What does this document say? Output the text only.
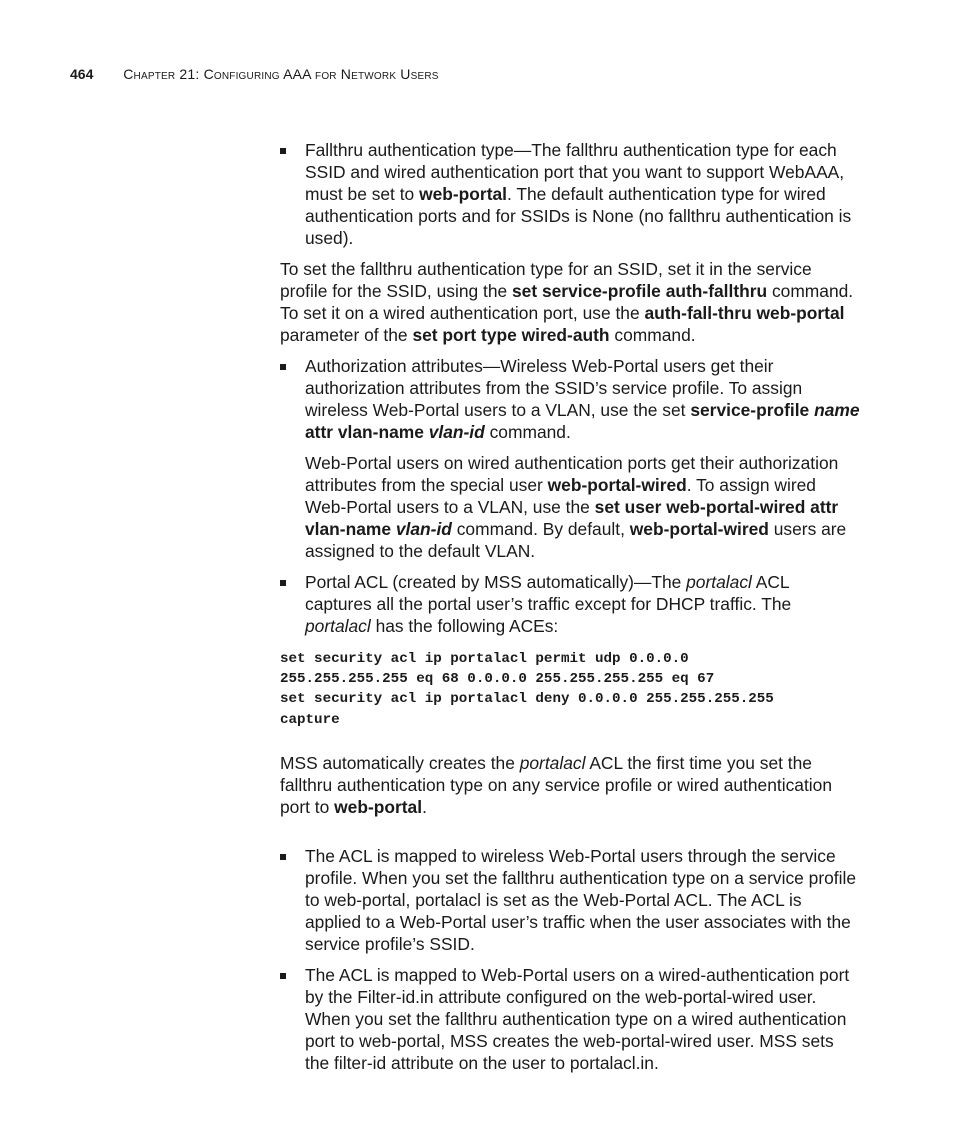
464 Chapter 21: Configuring AAA for Network Users
Fallthru authentication type—The fallthru authentication type for each SSID and wired authentication port that you want to support WebAAA, must be set to web-portal. The default authentication type for wired authentication ports and for SSIDs is None (no fallthru authentication is used).

To set the fallthru authentication type for an SSID, set it in the service profile for the SSID, using the set service-profile auth-fallthru command. To set it on a wired authentication port, use the auth-fall-thru web-portal parameter of the set port type wired-auth command.

Authorization attributes—Wireless Web-Portal users get their authorization attributes from the SSID’s service profile. To assign wireless Web-Portal users to a VLAN, use the set service-profile name attr vlan-name vlan-id command.
Web-Portal users on wired authentication ports get their authorization attributes from the special user web-portal-wired. To assign wired Web-Portal users to a VLAN, use the set user web-portal-wired attr vlan-name vlan-id command. By default, web-portal-wired users are assigned to the default VLAN.
Portal ACL (created by MSS automatically)—The portalacl ACL captures all the portal user’s traffic except for DHCP traffic. The portalacl has the following ACEs:
set security acl ip portalacl permit udp 0.0.0.0
255.255.255.255 eq 68 0.0.0.0 255.255.255.255 eq 67
set security acl ip portalacl deny 0.0.0.0 255.255.255.255
capture

MSS automatically creates the portalacl ACL the first time you set the fallthru authentication type on any service profile or wired authentication port to web-portal.

The ACL is mapped to wireless Web-Portal users through the service profile. When you set the fallthru authentication type on a service profile to web-portal, portalacl is set as the Web-Portal ACL. The ACL is applied to a Web-Portal user’s traffic when the user associates with the service profile’s SSID.
The ACL is mapped to Web-Portal users on a wired-authentication port by the Filter-id.in attribute configured on the web-portal-wired user. When you set the fallthru authentication type on a wired authentication port to web-portal, MSS creates the web-portal-wired user. MSS sets the filter-id attribute on the user to portalacl.in.
